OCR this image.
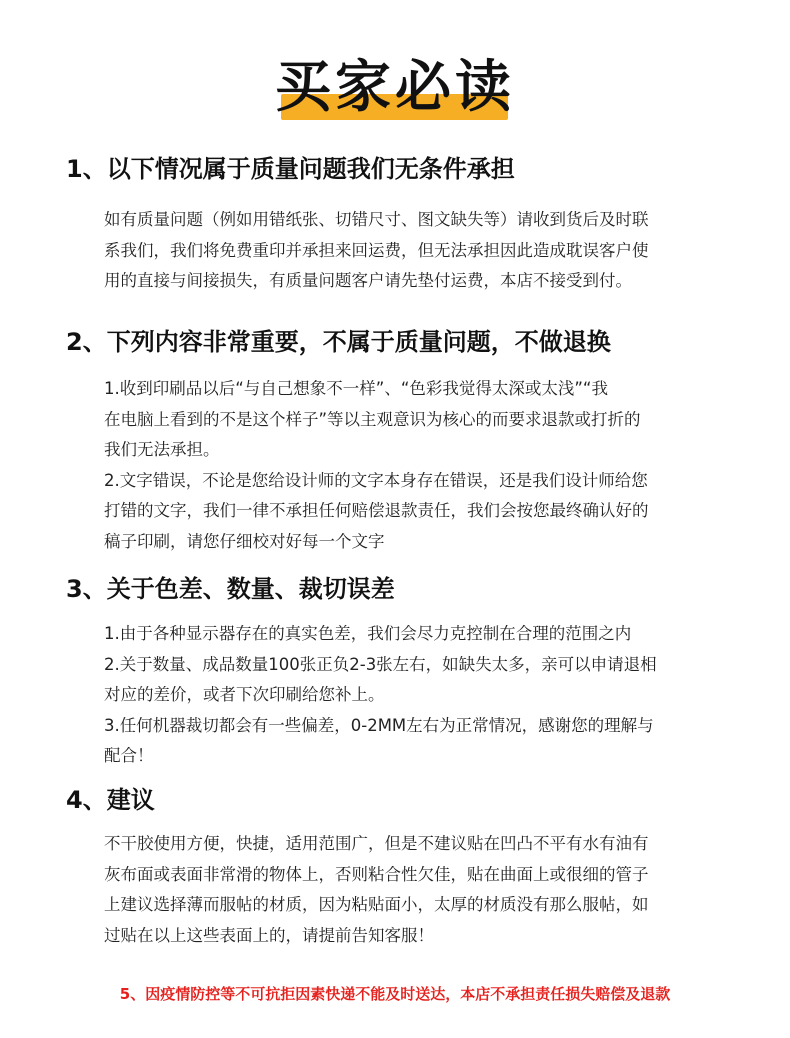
买家必读
1、以下情况属于质量问题我们无条件承担
如有质量问题（例如用错纸张、切错尺寸、图文缺失等）请收到货后及时联
系我们，我们将免费重印并承担来回运费，但无法承担因此造成耽误客户使
用的直接与间接损失，有质量问题客户请先垫付运费，本店不接受到付。
2、下列内容非常重要，不属于质量问题，不做退换
1.收到印刷品以后“与自己想象不一样”、“色彩我觉得太深或太浅”“我
在电脑上看到的不是这个样子”等以主观意识为核心的而要求退款或打折的
我们无法承担。
2.文字错误，不论是您给设计师的文字本身存在错误，还是我们设计师给您
打错的文字，我们一律不承担任何赔偿退款责任，我们会按您最终确认好的
稿子印刷，请您仔细校对好每一个文字
3、关于色差、数量、裁切误差
1.由于各种显示器存在的真实色差，我们会尽力克控制在合理的范围之内
2.关于数量、成品数量100张正负2-3张左右，如缺失太多，亲可以申请退相
对应的差价，或者下次印刷给您补上。
3.任何机器裁切都会有一些偏差，0-2MM左右为正常情况，感谢您的理解与
配合！
4、建议
不干胶使用方便，快捷，适用范围广，但是不建议贴在凹凸不平有水有油有
灰布面或表面非常滑的物体上，否则粘合性欠佳，贴在曲面上或很细的管子
上建议选择薄而服帖的材质，因为粘贴面小，太厚的材质没有那么服帖，如
过贴在以上这些表面上的，请提前告知客服！
5、因疫情防控等不可抗拒因素快递不能及时送达，本店不承担责任损失赔偿及退款
